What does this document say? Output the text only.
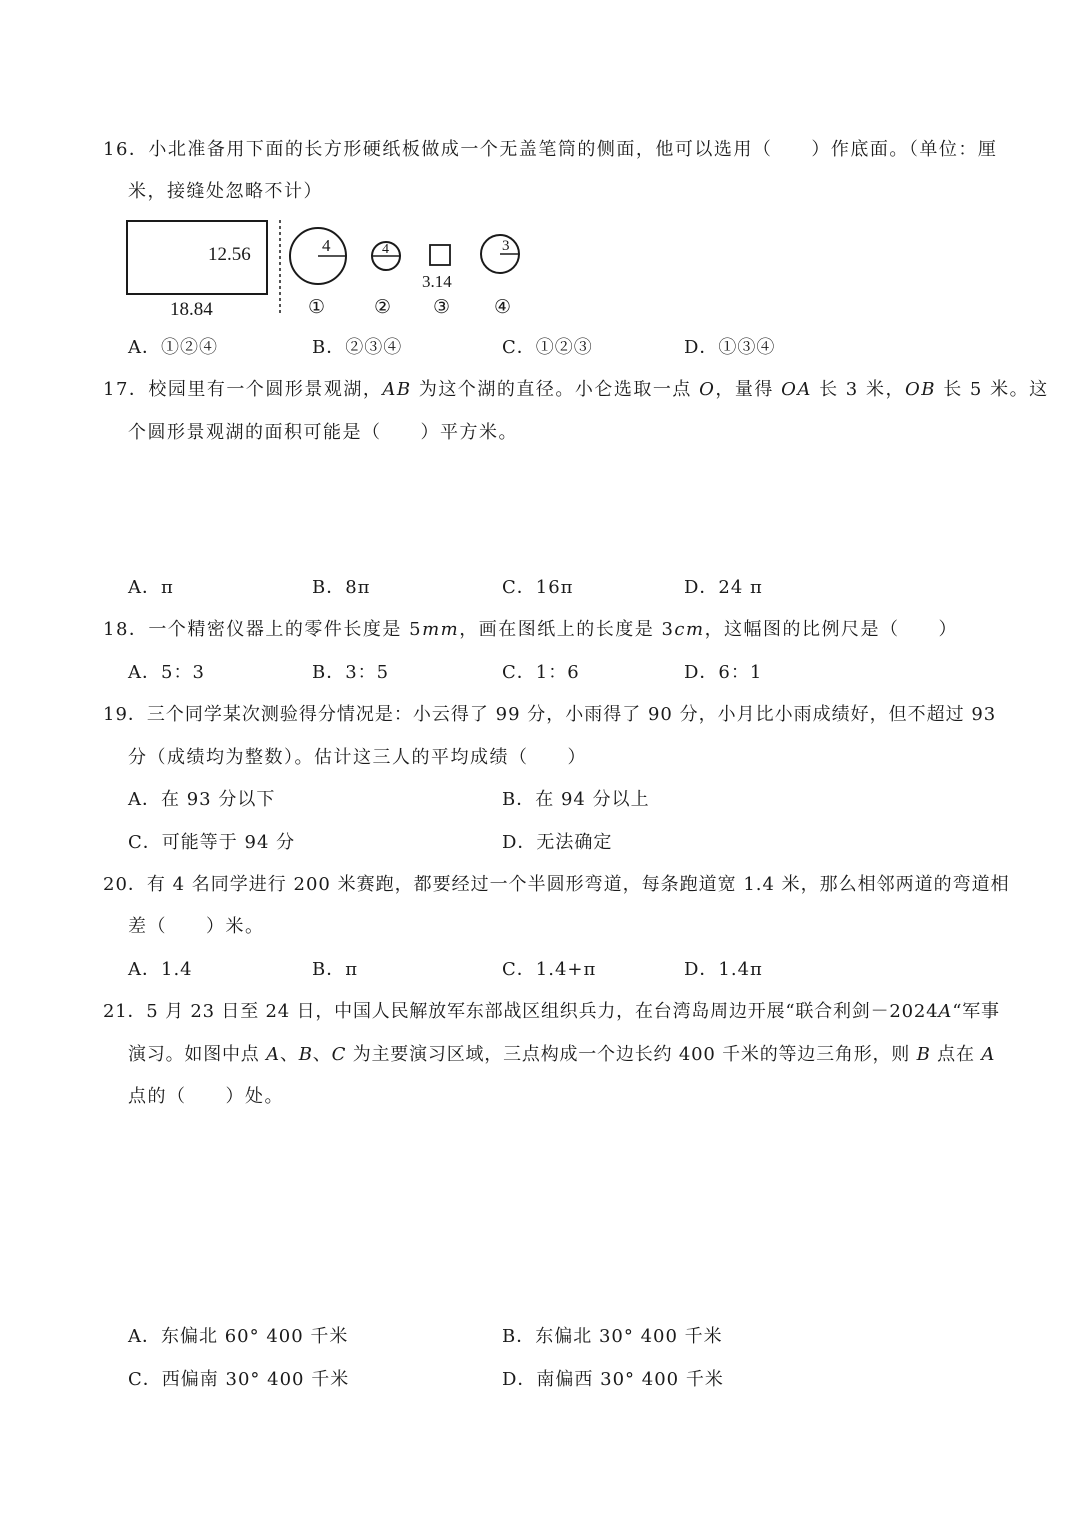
16．小北准备用下面的长方形硬纸板做成一个无盖笔筒的侧面，他可以选用（　　）作底面。（单位：厘
米，接缝处忽略不计）
12.56
18.84
4
①
4
②
3.14
③
3
④
A．①②④	B．②③④	C．①②③	D．①③④
17．校园里有一个圆形景观湖，AB 为这个湖的直径。小仑选取一点 O，量得 OA 长 3 米，OB 长 5 米。这
个圆形景观湖的面积可能是（　　）平方米。
A．π	B．8π	C．16π	D．24 π
18．一个精密仪器上的零件长度是 5mm，画在图纸上的长度是 3cm，这幅图的比例尺是（　　）
A．5：3	B．3：5	C．1：6	D．6：1
19．三个同学某次测验得分情况是：小云得了 99 分，小雨得了 90 分，小月比小雨成绩好，但不超过 93
分（成绩均为整数）。估计这三人的平均成绩（　　）
A．在 93 分以下	B．在 94 分以上
C．可能等于 94 分	D．无法确定
20．有 4 名同学进行 200 米赛跑，都要经过一个半圆形弯道，每条跑道宽 1.4 米，那么相邻两道的弯道相
差（　　）米。
A．1.4	B．π	C．1.4+π	D．1.4π
21．5 月 23 日至 24 日，中国人民解放军东部战区组织兵力，在台湾岛周边开展“联合利剑－2024A“军事
演习。如图中点 A、B、C 为主要演习区域，三点构成一个边长约 400 千米的等边三角形，则 B 点在 A
点的（　　）处。
A．东偏北 60° 400 千米	B．东偏北 30° 400 千米
C．西偏南 30° 400 千米	D．南偏西 30° 400 千米
